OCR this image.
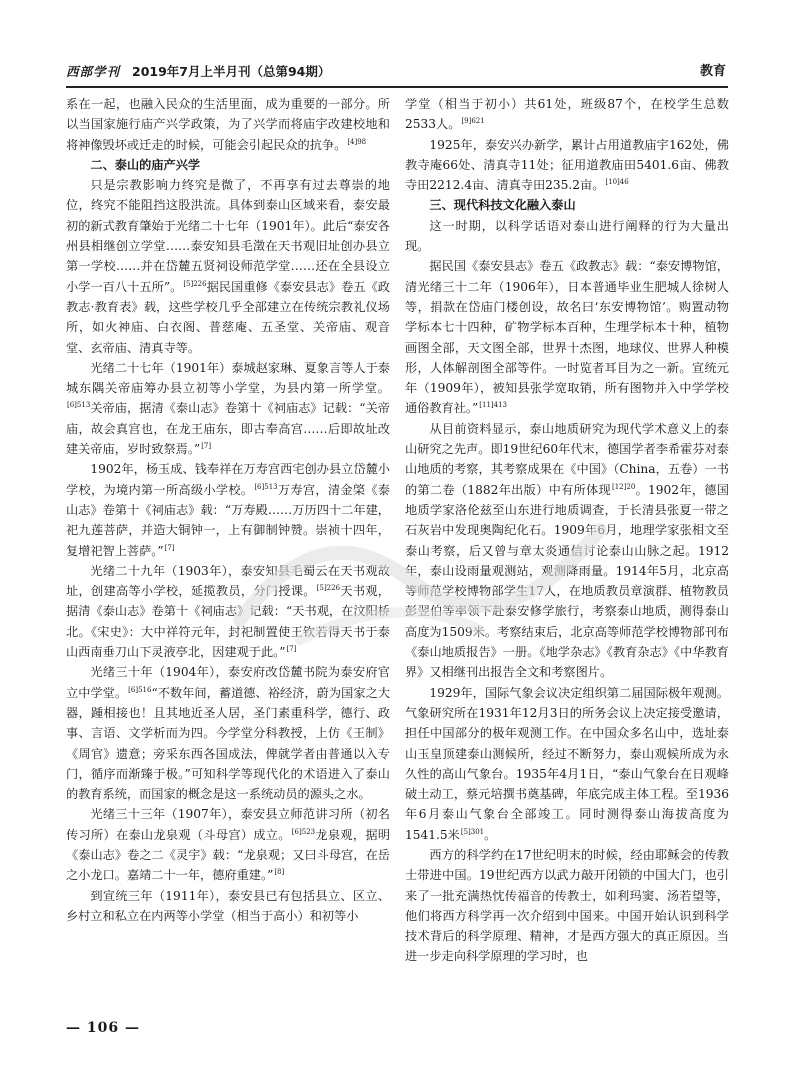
西部学刊 2019年7月上半月刊（总第94期）	教育

系在一起，也融入民众的生活里面，成为重要的一部分。所以当国家施行庙产兴学政策，为了兴学而将庙宇改建校地和将神像毁坏或迁走的时候，可能会引起民众的抗争。$^{[4]98}$

二、泰山的庙产兴学

只是宗教影响力终究是微了，不再享有过去尊崇的地位，终究不能阻挡这股洪流。具体到泰山区域来看，泰安最初的新式教育肇始于光绪二十七年（1901年）。此后“泰安各州县相继创立学堂……泰安知县毛澂在天书观旧址创办县立第一学校……并在岱麓五贤祠设师范学堂……还在全县设立小学一百八十五所”。$^{[5]226}$据民国重修《泰安县志》卷五《政教志·教育表》载，这些学校几乎全部建立在传统宗教礼仪场所，如火神庙、白衣阁、普慈庵、五圣堂、关帝庙、观音堂、玄帝庙、清真寺等。

光绪二十七年（1901年）泰城赵家琳、夏象言等人于泰城东隅关帝庙筹办县立初等小学堂，为县内第一所学堂。$^{[6]513}$关帝庙，据清《泰山志》卷第十《祠庙志》记载：“关帝庙，故会真宫也，在龙王庙东，即古奉高宫……后即故址改建关帝庙，岁时致祭焉。”[7]

1902年，杨玉成、钱奉祥在万寿宫西宅创办县立岱麓小学校，为境内第一所高级小学校。$^{[6]513}$万寿宫，清金棨《泰山志》卷第十《祠庙志》载：“万寿殿……万历四十二年建，祀九莲菩萨，并造大铜钟一，上有御制钟赞。崇祯十四年，复增祀智上菩萨。”[7]

光绪二十九年（1903年），泰安知县毛蜀云在天书观故址，创建高等小学校，延揽教员，分门授课。$^{[5]226}$天书观，据清《泰山志》卷第十《祠庙志》记载：“天书观，在汶阳桥北。《宋史》：大中祥符元年，封祀制置使王钦若得天书于泰山西南垂刀山下灵液亭北，因建观于此。”[7]

光绪三十年（1904年），泰安府改岱麓书院为泰安府官立中学堂。$^{[6]516}$“不数年间，蓄道德、裕经济，蔚为国家之大器，踵相接也！且其地近圣人居，圣门素重科学，德行、政事、言语、文学析而为四。今学堂分科教授，上仿《王制》《周官》遗意；旁采东西各国成法，俾就学者由普通以入专门，循序而渐臻于极。”可知科学等现代化的术语进入了泰山的教育系统，而国家的概念是这一系统动员的源头之水。

光绪三十三年（1907年），泰安县立师范讲习所（初名传习所）在泰山龙泉观（斗母宫）成立。$^{[6]523}$龙泉观，据明《泰山志》卷之二《灵宇》载：“龙泉观；又曰斗母宫，在岳之小龙口。嘉靖二十一年，德府重建。”[8]

到宣统三年（1911年），泰安县已有包括县立、区立、乡村立和私立在内两等小学堂（相当于高小）和初等小

学堂（相当于初小）共61处，班级87个，在校学生总数2533人。$^{[9]621}$

1925年，泰安兴办新学，累计占用道教庙宇162处，佛教寺庵66处、清真寺11处；征用道教庙田5401.6亩、佛教寺田2212.4亩、清真寺田235.2亩。$^{[10]46}$

三、现代科技文化融入泰山

这一时期，以科学话语对泰山进行阐释的行为大量出现。

据民国《泰安县志》卷五《政教志》载：“泰安博物馆，清光绪三十二年（1906年），日本普通毕业生肥城人徐树人等，捐款在岱庙门楼创设，故名曰‘东安博物馆’。购置动物学标本七十四种，矿物学标本百种，生理学标本十种，植物画图全部，天文图全部，世界十杰图，地球仪、世界人种模形，人体解剖图全部等件。一时览者耳目为之一新。宣统元年（1909年），被知县张学宽取销，所有图物并入中学学校通俗教育社。”$^{[11]413}$

从目前资料显示，泰山地质研究为现代学术意义上的泰山研究之先声。即19世纪60年代末，德国学者李希霍芬对泰山地质的考察，其考察成果在《中国》（China，五卷）一书的第二卷（1882年出版）中有所体现$^{[12]20}$。1902年，德国地质学家洛伦兹至山东进行地质调查，于长清县张夏一带之石灰岩中发现奥陶纪化石。1909年6月，地理学家张相文至泰山考察，后又曾与章太炎通信讨论泰山山脉之起。1912年，泰山设雨量观测站，观测降雨量。1914年5月，北京高等师范学校博物部学生17人，在地质教员章演群、植物教员彭翌伯等率领下赴泰安修学旅行，考察泰山地质，测得泰山高度为1509米。考察结束后，北京高等师范学校博物部刊布《泰山地质报告》一册。《地学杂志》《教育杂志》《中华教育界》又相继刊出报告全文和考察图片。

1929年，国际气象会议决定组织第二届国际极年观测。气象研究所在1931年12月3日的所务会议上决定接受邀请，担任中国部分的极年观测工作。在中国众多名山中，选址泰山玉皇顶建泰山测候所，经过不断努力，泰山观候所成为永久性的高山气象台。1935年4月1日，“泰山气象台在日观峰破土动工，蔡元培撰书奠基碑，年底完成主体工程。至1936年6月泰山气象台全部竣工。同时测得泰山海拔高度为1541.5米$^{[5]301}$。

西方的科学约在17世纪明末的时候，经由耶稣会的传教士带进中国。19世纪西方以武力敲开闭锁的中国大门，也引来了一批充满热忱传福音的传教士，如利玛窦、汤若望等，他们将西方科学再一次介绍到中国来。中国开始认识到科学技术背后的科学原理、精神，才是西方强大的真正原因。当进一步走向科学原理的学习时，也

— 106 —
